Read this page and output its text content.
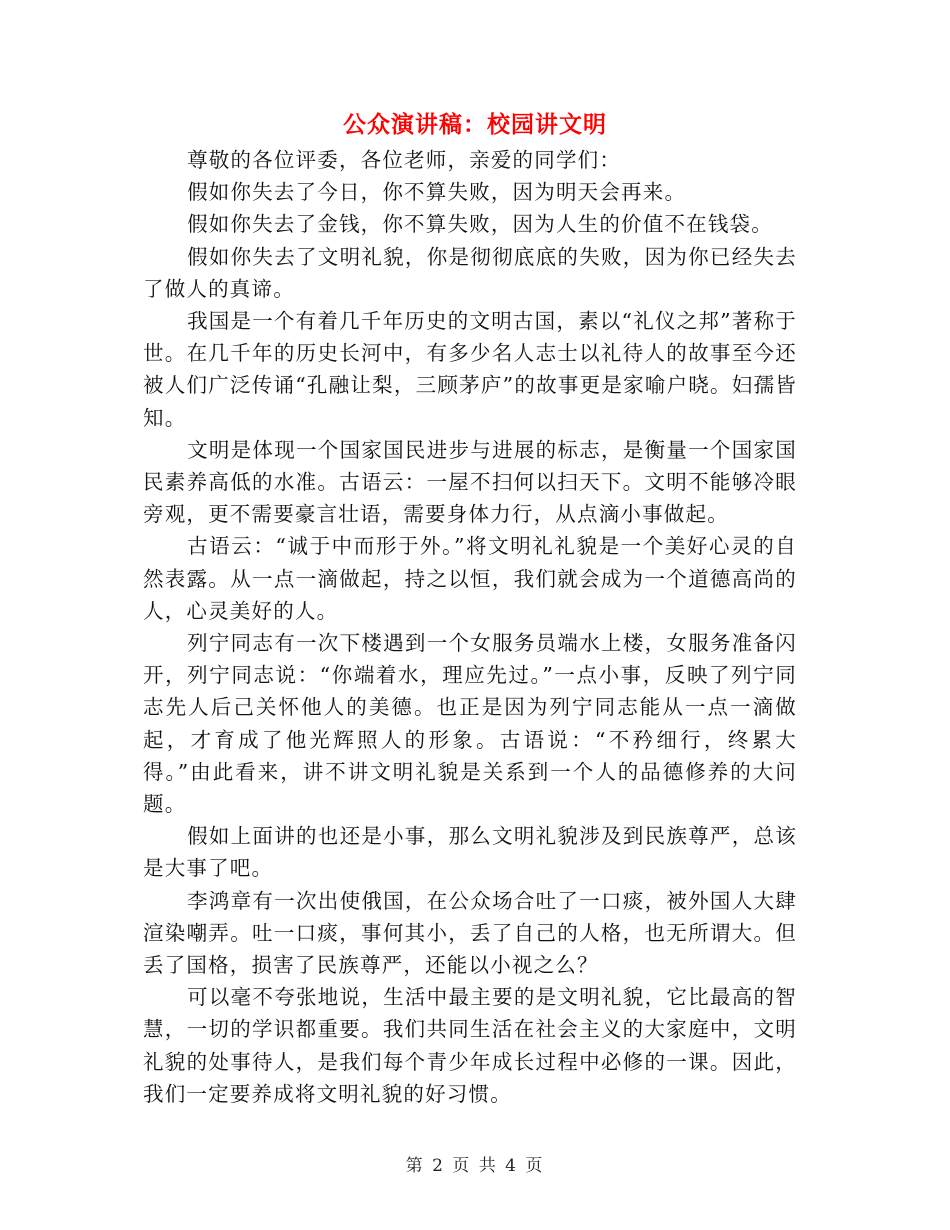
公众演讲稿：校园讲文明

尊敬的各位评委，各位老师，亲爱的同学们：

假如你失去了今日，你不算失败，因为明天会再来。

假如你失去了金钱，你不算失败，因为人生的价值不在钱袋。

假如你失去了文明礼貌，你是彻彻底底的失败，因为你已经失去了做人的真谛。

我国是一个有着几千年历史的文明古国，素以“礼仪之邦”著称于世。在几千年的历史长河中，有多少名人志士以礼待人的故事至今还被人们广泛传诵“孔融让梨，三顾茅庐”的故事更是家喻户晓。妇孺皆知。

文明是体现一个国家国民进步与进展的标志，是衡量一个国家国民素养高低的水准。古语云：一屋不扫何以扫天下。文明不能够冷眼旁观，更不需要豪言壮语，需要身体力行，从点滴小事做起。

古语云：“诚于中而形于外。”将文明礼礼貌是一个美好心灵的自然表露。从一点一滴做起，持之以恒，我们就会成为一个道德高尚的人，心灵美好的人。

列宁同志有一次下楼遇到一个女服务员端水上楼，女服务准备闪开，列宁同志说：“你端着水，理应先过。”一点小事，反映了列宁同志先人后己关怀他人的美德。也正是因为列宁同志能从一点一滴做起，才育成了他光辉照人的形象。古语说：“不矜细行，终累大得。”由此看来，讲不讲文明礼貌是关系到一个人的品德修养的大问题。

假如上面讲的也还是小事，那么文明礼貌涉及到民族尊严，总该是大事了吧。

李鸿章有一次出使俄国，在公众场合吐了一口痰，被外国人大肆渲染嘲弄。吐一口痰，事何其小，丢了自己的人格，也无所谓大。但丢了国格，损害了民族尊严，还能以小视之么？

可以毫不夸张地说，生活中最主要的是文明礼貌，它比最高的智慧，一切的学识都重要。我们共同生活在社会主义的大家庭中，文明礼貌的处事待人，是我们每个青少年成长过程中必修的一课。因此，我们一定要养成将文明礼貌的好习惯。

第 2 页 共 4 页
